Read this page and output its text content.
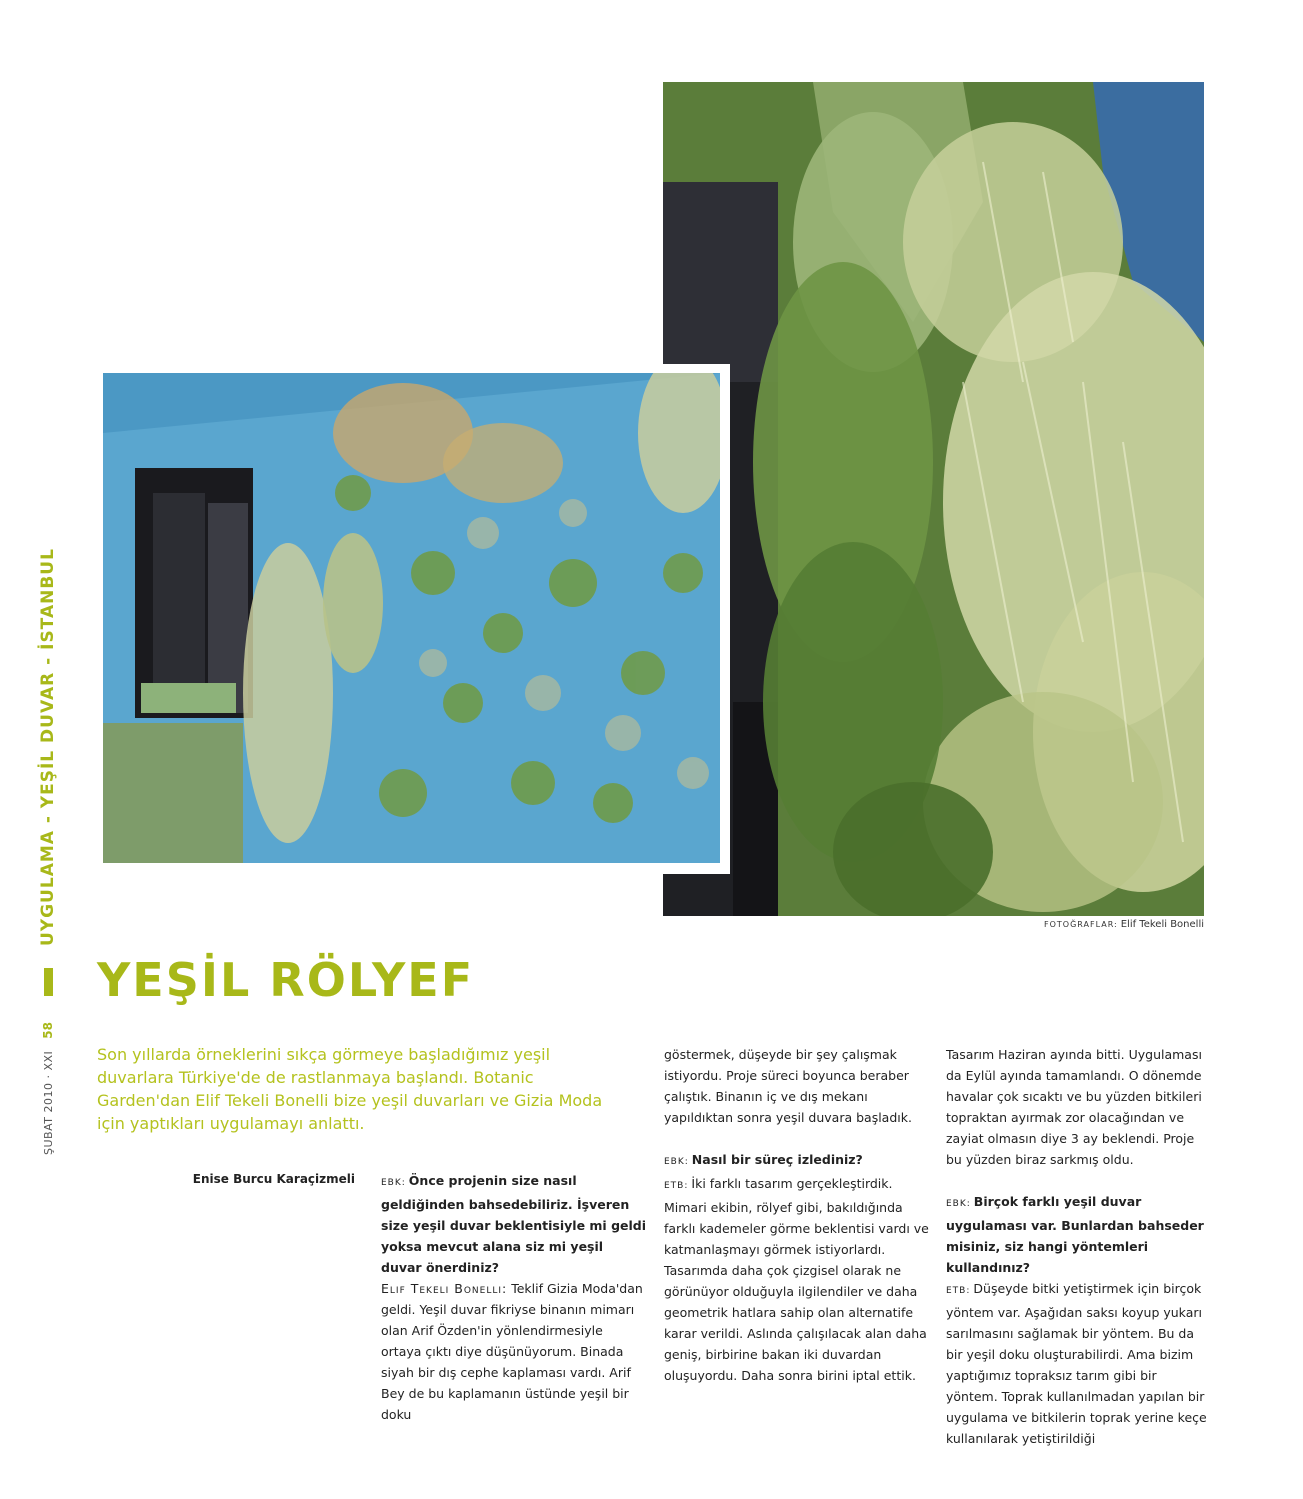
FOTOĞRAFLAR: Elif Tekeli Bonelli
ŞUBAT 2010 · XXI
58
UYGULAMA - YEŞİL DUVAR - İSTANBUL
YEŞİL RÖLYEF

Son yıllarda örneklerini sıkça görmeye başladığımız yeşil duvarlara Türkiye'de de rastlanmaya başlandı. Botanic Garden'dan Elif Tekeli Bonelli bize yeşil duvarları ve Gizia Moda için yaptıkları uygulamayı anlattı.

Enise Burcu Karaçizmeli	EBK: Önce projenin size nasıl geldiğinden bahsedebiliriz. İşveren size yeşil duvar beklentisiyle mi geldi yoksa mevcut alana siz mi yeşil duvar önerdiniz?

Elif Tekeli Bonelli: Teklif Gizia Moda'dan geldi. Yeşil duvar fikriyse binanın mimarı olan Arif Özden'in yönlendirmesiyle ortaya çıktı diye düşünüyorum. Binada siyah bir dış cephe kaplaması vardı. Arif Bey de bu kaplamanın üstünde yeşil bir doku

göstermek, düşeyde bir şey çalışmak istiyordu. Proje süreci boyunca beraber çalıştık. Binanın iç ve dış mekanı yapıldıktan sonra yeşil duvara başladık.

EBK: Nasıl bir süreç izlediniz?

ETB: İki farklı tasarım gerçekleştirdik. Mimari ekibin, rölyef gibi, bakıldığında farklı kademeler görme beklentisi vardı ve katmanlaşmayı görmek istiyorlardı. Tasarımda daha çok çizgisel olarak ne görünüyor olduğuyla ilgilendiler ve daha geometrik hatlara sahip olan alternatife karar verildi. Aslında çalışılacak alan daha geniş, birbirine bakan iki duvardan oluşuyordu. Daha sonra birini iptal ettik.

Tasarım Haziran ayında bitti. Uygulaması da Eylül ayında tamamlandı. O dönemde havalar çok sıcaktı ve bu yüzden bitkileri topraktan ayırmak zor olacağından ve zayiat olmasın diye 3 ay beklendi. Proje bu yüzden biraz sarkmış oldu.

EBK: Birçok farklı yeşil duvar uygulaması var. Bunlardan bahseder misiniz, siz hangi yöntemleri kullandınız?

ETB: Düşeyde bitki yetiştirmek için birçok yöntem var. Aşağıdan saksı koyup yukarı sarılmasını sağlamak bir yöntem. Bu da bir yeşil doku oluşturabilirdi. Ama bizim yaptığımız topraksız tarım gibi bir yöntem. Toprak kullanılmadan yapılan bir uygulama ve bitkilerin toprak yerine keçe kullanılarak yetiştirildiği
